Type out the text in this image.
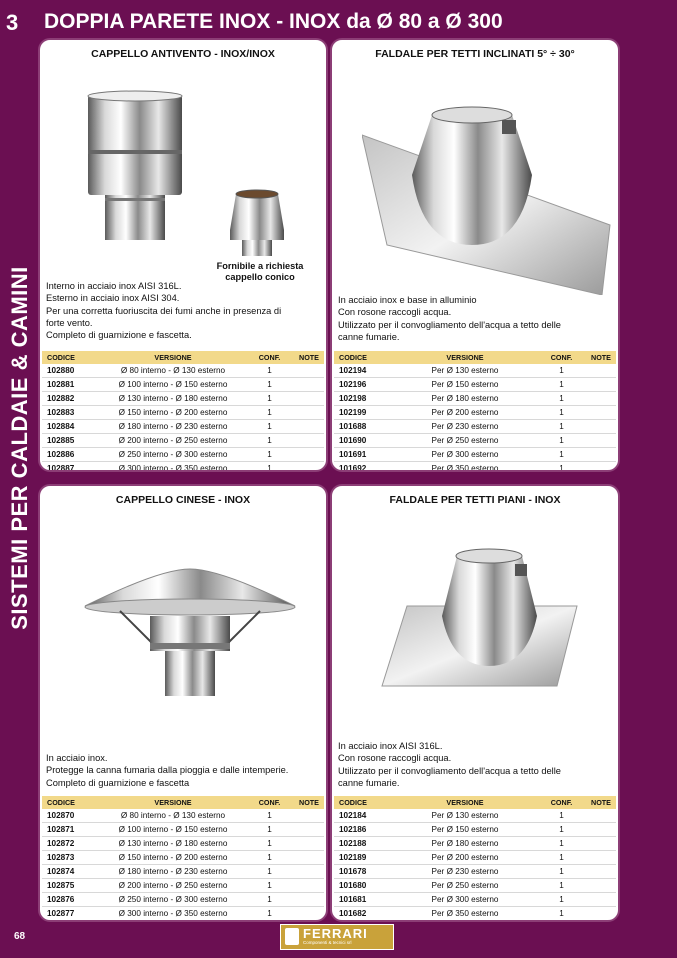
3
SISTEMI PER CALDAIE & CAMINI
DOPPIA PARETE INOX - INOX da Ø 80 a Ø 300
CAPPELLO ANTIVENTO - INOX/INOX
Fornibile a richiesta
cappello conico
Interno in acciaio inox AISI 316L.
Esterno in acciaio inox AISI 304.
Per una corretta fuoriuscita dei fumi anche in presenza di
forte vento.
Completo di guarnizione e fascetta.
CODICE	VERSIONE	CONF.	NOTE
102880	Ø 80 interno - Ø 130 esterno	1	
102881	Ø 100 interno - Ø 150 esterno	1	
102882	Ø 130 interno - Ø 180 esterno	1	
102883	Ø 150 interno - Ø 200 esterno	1	
102884	Ø 180 interno - Ø 230 esterno	1	
102885	Ø 200 interno - Ø 250 esterno	1	
102886	Ø 250 interno - Ø 300 esterno	1	
102887	Ø 300 interno - Ø 350 esterno	1	
FALDALE PER TETTI INCLINATI 5° ÷ 30°
In acciaio inox e base in alluminio
Con rosone raccogli acqua.
Utilizzato per il convogliamento dell'acqua a tetto delle
canne fumarie.
CODICE	VERSIONE	CONF.	NOTE
102194	Per Ø 130 esterno	1	
102196	Per Ø 150 esterno	1	
102198	Per Ø 180 esterno	1	
102199	Per Ø 200 esterno	1	
101688	Per Ø 230 esterno	1	
101690	Per Ø 250 esterno	1	
101691	Per Ø 300 esterno	1	
101692	Per Ø 350 esterno	1	
CAPPELLO CINESE - INOX
In acciaio inox.
Protegge la canna fumaria dalla pioggia e dalle intemperie.
Completo di guarnizione e fascetta
CODICE	VERSIONE	CONF.	NOTE
102870	Ø 80 interno - Ø 130 esterno	1	
102871	Ø 100 interno - Ø 150 esterno	1	
102872	Ø 130 interno - Ø 180 esterno	1	
102873	Ø 150 interno - Ø 200 esterno	1	
102874	Ø 180 interno - Ø 230 esterno	1	
102875	Ø 200 interno - Ø 250 esterno	1	
102876	Ø 250 interno - Ø 300 esterno	1	
102877	Ø 300 interno - Ø 350 esterno	1	
FALDALE PER TETTI PIANI - INOX
In acciaio inox AISI 316L.
Con rosone raccogli acqua.
Utilizzato per il convogliamento dell'acqua a tetto delle
canne fumarie.
CODICE	VERSIONE	CONF.	NOTE
102184	Per Ø 130 esterno	1	
102186	Per Ø 150 esterno	1	
102188	Per Ø 180 esterno	1	
102189	Per Ø 200 esterno	1	
101678	Per Ø 230 esterno	1	
101680	Per Ø 250 esterno	1	
101681	Per Ø 300 esterno	1	
101682	Per Ø 350 esterno	1	
68	FERRARI
Componenti & tecnici srl
